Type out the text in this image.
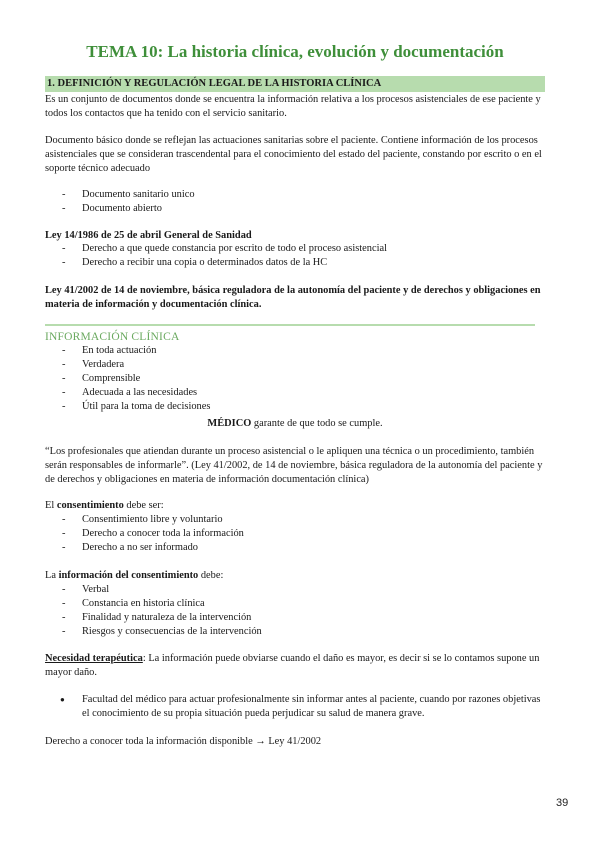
TEMA 10: La historia clínica, evolución y documentación
1. DEFINICIÓN Y REGULACIÓN LEGAL DE LA HISTORIA CLÍNICA

Es un conjunto de documentos donde se encuentra la información relativa a los procesos asistenciales de ese paciente y todos los contactos que ha tenido con el servicio sanitario.

Documento básico donde se reflejan las actuaciones sanitarias sobre el paciente. Contiene información de los procesos asistenciales que se consideran trascendental para el conocimiento del estado del paciente, constando por escrito o en el soporte técnico adecuado

- Documento sanitario unico
- Documento abierto

Ley 14/1986 de 25 de abril General de Sanidad

- Derecho a que quede constancia por escrito de todo el proceso asistencial
- Derecho a recibir una copia o determinados datos de la HC

Ley 41/2002 de 14 de noviembre, básica reguladora de la autonomía del paciente y de derechos y obligaciones en materia de información y documentación clínica.

INFORMACIÓN CLÍNICA

- En toda actuación
- Verdadera
- Comprensible
- Adecuada a las necesidades
- Útil para la toma de decisiones

MÉDICO garante de que todo se cumple.

“Los profesionales que atiendan durante un proceso asistencial o le apliquen una técnica o un procedimiento, también serán responsables de informarle”. (Ley 41/2002, de 14 de noviembre, básica reguladora de la autonomía del paciente y de derechos y obligaciones en materia de información documentación clínica)

El consentimiento debe ser:

- Consentimiento libre y voluntario
- Derecho a conocer toda la información
- Derecho a no ser informado

La información del consentimiento debe:

- Verbal
- Constancia en historia clínica
- Finalidad y naturaleza de la intervención
- Riesgos y consecuencias de la intervención

Necesidad terapéutica: La información puede obviarse cuando el daño es mayor, es decir si se lo contamos supone un mayor daño.

● Facultad del médico para actuar profesionalmente sin informar antes al paciente, cuando por razones objetivas el conocimiento de su propia situación pueda perjudicar su salud de manera grave.

Derecho a conocer toda la información disponible → Ley 41/2002

39
